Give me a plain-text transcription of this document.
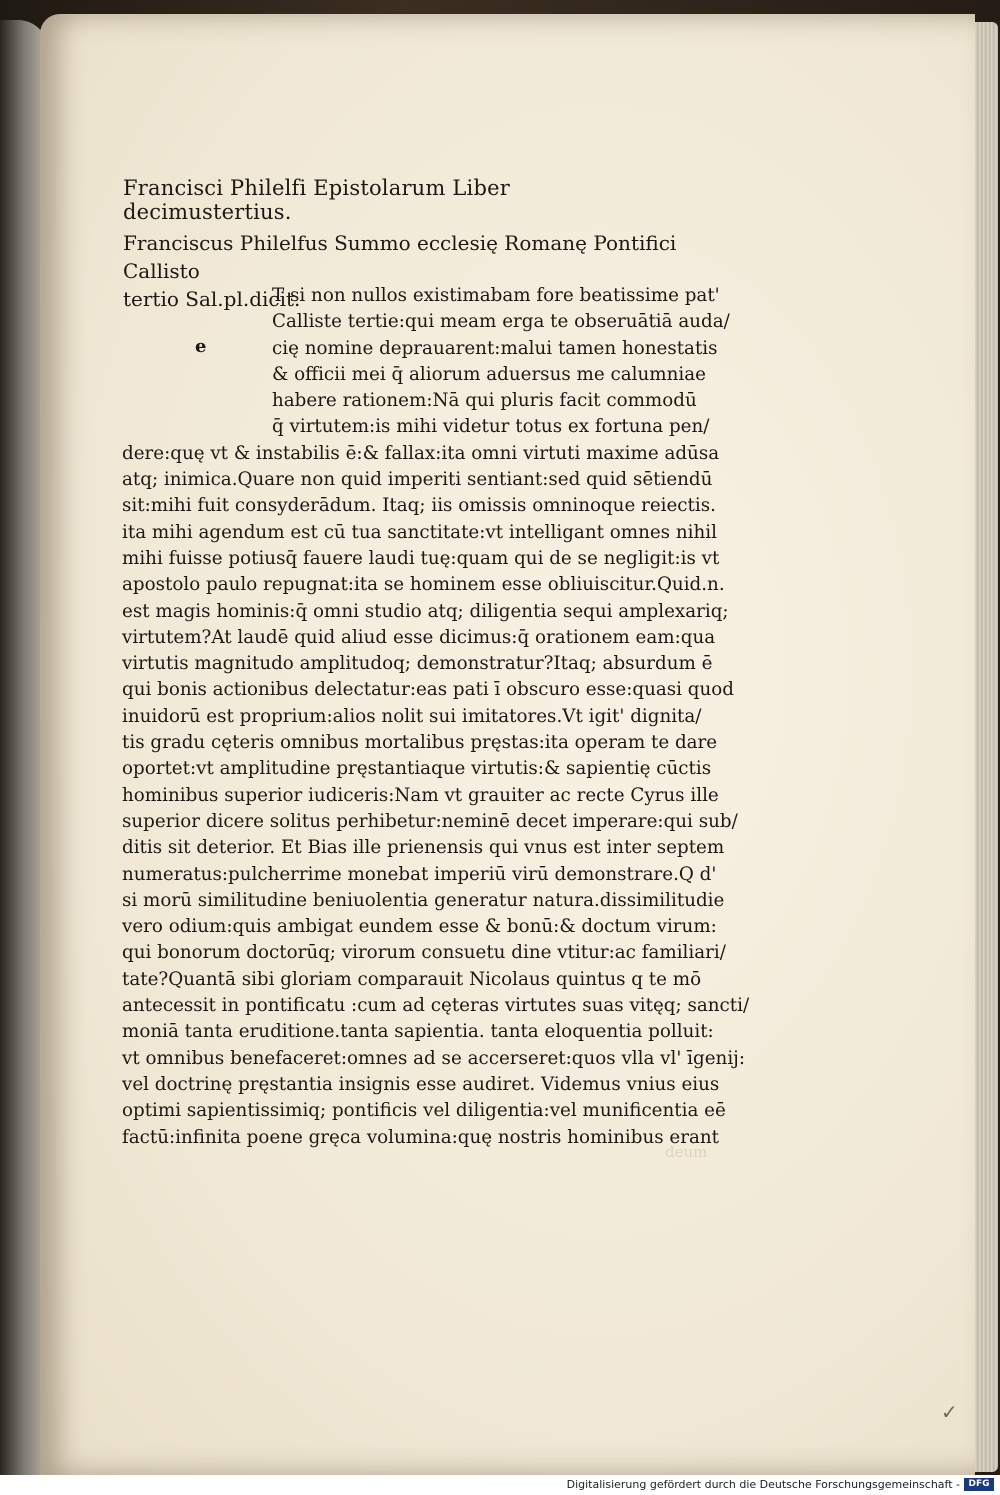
Francisci Philelfi Epistolarum Liber decimustertius.
Franciscus Philelfus Summo ecclesię Romanę Pontifici Callisto
tertio Sal.pl.dicit.
e
T si non nullos existimabam fore beatissime pat'
Calliste tertie:qui meam erga te obseruātiā auda/
cię nomine deprauarent:malui tamen honestatis
& officii mei q̄ aliorum aduersus me calumniae
habere rationem:Nā qui pluris facit commodū
q̄ virtutem:is mihi videtur totus ex fortuna pen/
dere:quę vt & instabilis ē:& fallax:ita omni virtuti maxime adūsa
atq; inimica.Quare non quid imperiti sentiant:sed quid sētiendū
sit:mihi fuit consyderādum. Itaq; iis omissis omninoque reiectis.
ita mihi agendum est cū tua sanctitate:vt intelligant omnes nihil
mihi fuisse potiusq̄ fauere laudi tuę:quam qui de se negligit:is vt
apostolo paulo repugnat:ita se hominem esse obliuiscitur.Quid.n.
est magis hominis:q̄ omni studio atq; diligentia sequi amplexariq;
virtutem?At laudē quid aliud esse dicimus:q̄ orationem eam:qua
virtutis magnitudo amplitudoq; demonstratur?Itaq; absurdum ē
qui bonis actionibus delectatur:eas pati ī obscuro esse:quasi quod
inuidorū est proprium:alios nolit sui imitatores.Vt igit' dignita/
tis gradu cęteris omnibus mortalibus pręstas:ita operam te dare
oportet:vt amplitudine pręstantiaque virtutis:& sapientię cūctis
hominibus superior iudiceris:Nam vt grauiter ac recte Cyrus ille
superior dicere solitus perhibetur:neminē decet imperare:qui sub/
ditis sit deterior. Et Bias ille prienensis qui vnus est inter septem
numeratus:pulcherrime monebat imperiū virū demonstrare.Q d'
si morū similitudine beniuolentia generatur natura.dissimilitudie
vero odium:quis ambigat eundem esse & bonū:& doctum virum:
qui bonorum doctorūq; virorum consuetu dine vtitur:ac familiari/
tate?Quantā sibi gloriam comparauit Nicolaus quintus q te mō
antecessit in pontificatu :cum ad cęteras virtutes suas vitęq; sancti/
moniā tanta eruditione.tanta sapientia. tanta eloquentia polluit:
vt omnibus benefaceret:omnes ad se accerseret:quos vlla vl' īgenij:
vel doctrinę pręstantia insignis esse audiret. Videmus vnius eius
optimi sapientissimiq; pontificis vel diligentia:vel munificentia eē
factū:infinita poene gręca volumina:quę nostris hominibus erant
deum
✓
Digitalisierung gefördert durch die Deutsche Forschungsgemeinschaft - DFG
